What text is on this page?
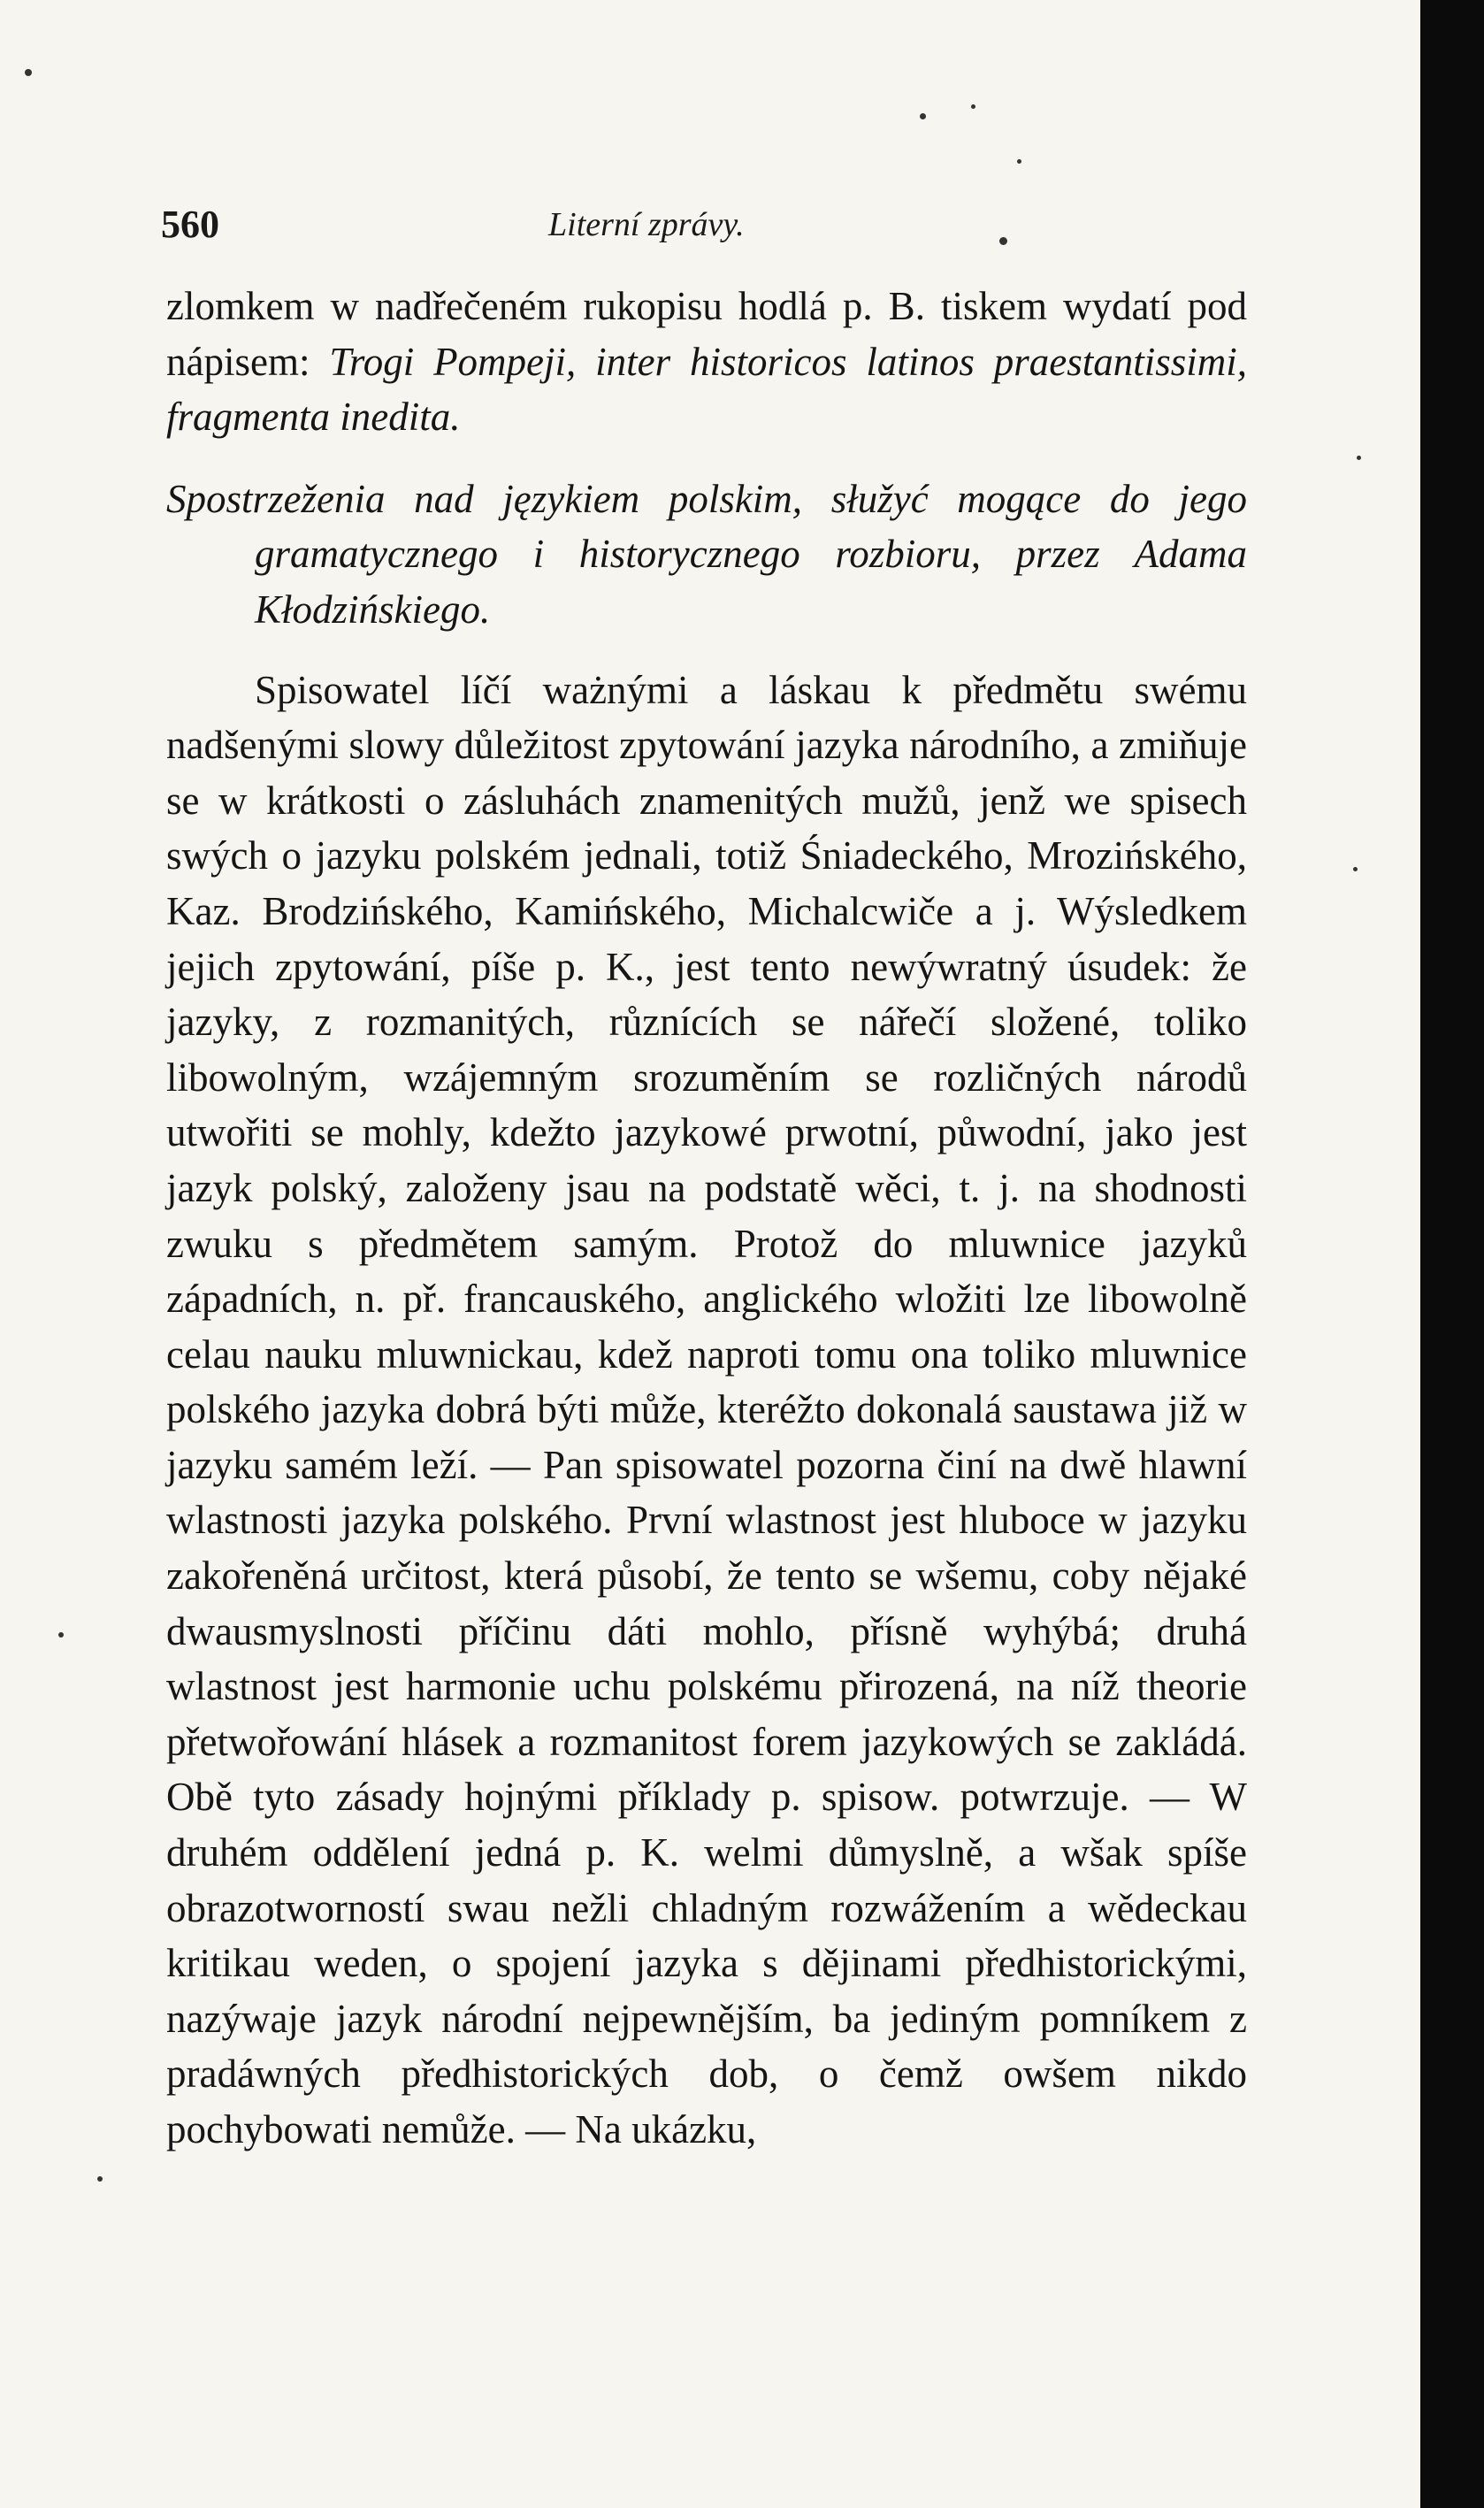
560	Literní zprávy.

zlomkem w nadřečeném rukopisu hodlá p. B. tiskem wydatí pod nápisem: Trogi Pompeji, inter historicos latinos praestantissimi, fragmenta inedita.

Spostrzeženia nad językiem polskim, słužyć mogące do jego gramatycznego i historycznego rozbioru, przez Adama Kłodzińskiego.

Spisowatel líčí ważnými a láskau k předmětu swému nadšenými slowy důležitost zpytowání jazyka národního, a zmiňuje se w krátkosti o zásluhách znamenitých mužů, jenž we spisech swých o jazyku polském jednali, totiž Śniadeckého, Mrozińského, Kaz. Brodzińského, Kamińského, Michalcwiče a j. Wýsledkem jejich zpytowání, píše p. K., jest tento newýwratný úsudek: že jazyky, z rozmanitých, různících se nářečí složené, toliko libowolným, wzájemným srozuměním se rozličných národů utwořiti se mohly, kdežto jazykowé prwotní, půwodní, jako jest jazyk polský, založeny jsau na podstatě wěci, t. j. na shodnosti zwuku s předmětem samým. Protož do mluwnice jazyků západních, n. př. francauského, anglického wložiti lze libowolně celau nauku mluwnickau, kdež naproti tomu ona toliko mluwnice polského jazyka dobrá býti může, kteréžto dokonalá saustawa již w jazyku samém leží. — Pan spisowatel pozorna činí na dwě hlawní wlastnosti jazyka polského. První wlastnost jest hluboce w jazyku zakořeněná určitost, která působí, že tento se wšemu, coby nějaké dwausmyslnosti příčinu dáti mohlo, přísně wyhýbá; druhá wlastnost jest harmonie uchu polskému přirozená, na níž theorie přetwořowání hlásek a rozmanitost forem jazykowých se zakládá. Obě tyto zásady hojnými příklady p. spisow. potwrzuje. — W druhém oddělení jedná p. K. welmi důmyslně, a wšak spíše obrazotworností swau nežli chladným rozwážením a wědeckau kritikau weden, o spojení jazyka s dějinami předhistorickými, nazýwaje jazyk národní nejpewnějším, ba jediným pomníkem z pradáwných předhistorických dob, o čemž owšem nikdo pochybowati nemůže. — Na ukázku,
